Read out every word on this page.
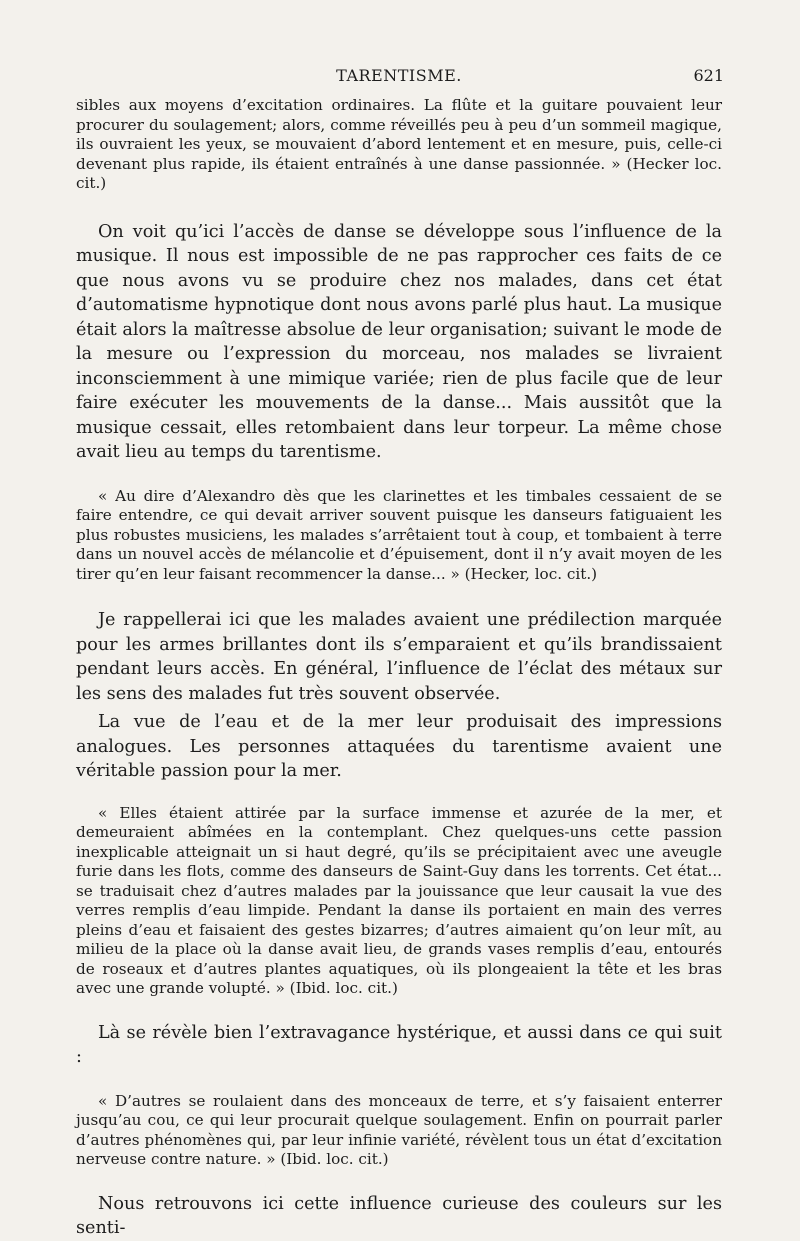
TARENTISME.	621

sibles aux moyens d’excitation ordinaires. La flûte et la guitare pouvaient leur procurer du soulagement; alors, comme réveillés peu à peu d’un sommeil magique, ils ouvraient les yeux, se mouvaient d’abord lentement et en mesure, puis, celle-ci devenant plus rapide, ils étaient entraînés à une danse passionnée. » (Hecker loc. cit.)

On voit qu’ici l’accès de danse se développe sous l’influence de la musique. Il nous est impossible de ne pas rapprocher ces faits de ce que nous avons vu se produire chez nos malades, dans cet état d’automatisme hypnotique dont nous avons parlé plus haut. La musique était alors la maîtresse absolue de leur organisation; suivant le mode de la mesure ou l’expression du morceau, nos malades se livraient inconsciemment à une mimique variée; rien de plus facile que de leur faire exécuter les mouvements de la danse... Mais aussitôt que la musique cessait, elles retombaient dans leur torpeur. La même chose avait lieu au temps du tarentisme.

« Au dire d’Alexandro dès que les clarinettes et les timbales cessaient de se faire entendre, ce qui devait arriver souvent puisque les danseurs fatiguaient les plus robustes musiciens, les malades s’arrêtaient tout à coup, et tombaient à terre dans un nouvel accès de mélancolie et d’épuisement, dont il n’y avait moyen de les tirer qu’en leur faisant recommencer la danse... » (Hecker, loc. cit.)

Je rappellerai ici que les malades avaient une prédilection marquée pour les armes brillantes dont ils s’emparaient et qu’ils brandissaient pendant leurs accès. En général, l’influence de l’éclat des métaux sur les sens des malades fut très souvent observée.

La vue de l’eau et de la mer leur produisait des impressions analogues. Les personnes attaquées du tarentisme avaient une véritable passion pour la mer.

« Elles étaient attirée par la surface immense et azurée de la mer, et demeuraient abîmées en la contemplant. Chez quelques-uns cette passion inexplicable atteignait un si haut degré, qu’ils se précipitaient avec une aveugle furie dans les flots, comme des danseurs de Saint-Guy dans les torrents. Cet état... se traduisait chez d’autres malades par la jouissance que leur causait la vue des verres remplis d’eau limpide. Pendant la danse ils portaient en main des verres pleins d’eau et faisaient des gestes bizarres; d’autres aimaient qu’on leur mît, au milieu de la place où la danse avait lieu, de grands vases remplis d’eau, entourés de roseaux et d’autres plantes aquatiques, où ils plongeaient la tête et les bras avec une grande volupté. » (Ibid. loc. cit.)

Là se révèle bien l’extravagance hystérique, et aussi dans ce qui suit :

« D’autres se roulaient dans des monceaux de terre, et s’y faisaient enterrer jusqu’au cou, ce qui leur procurait quelque soulagement. Enfin on pourrait parler d’autres phénomènes qui, par leur infinie variété, révèlent tous un état d’excitation nerveuse contre nature. » (Ibid. loc. cit.)

Nous retrouvons ici cette influence curieuse des couleurs sur les senti-
